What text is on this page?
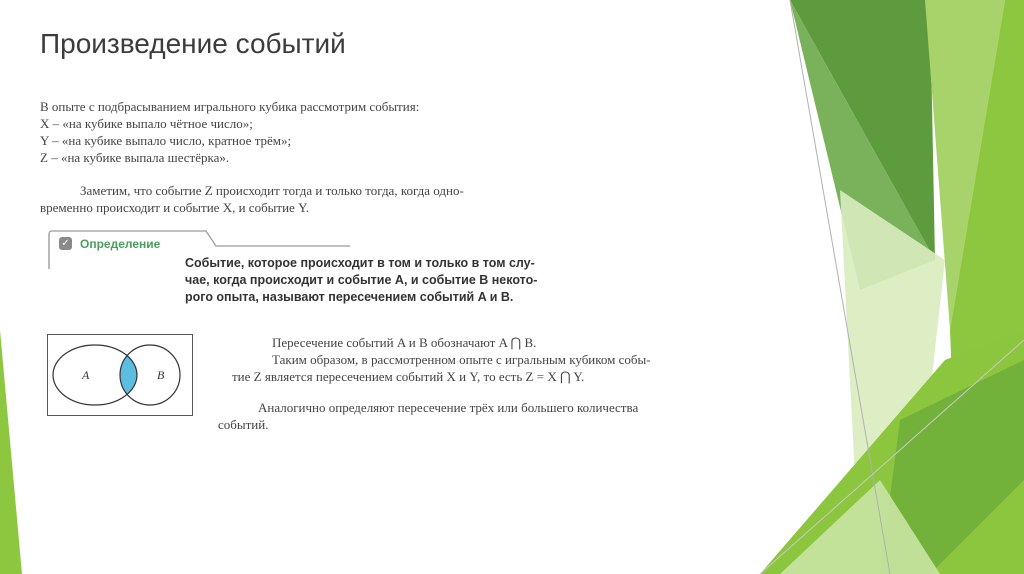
Произведение событий
В опыте с подбрасыванием игрального кубика рассмотрим события:
X – «на кубике выпало чётное число»;
Y – «на кубике выпало число, кратное трём»;
Z – «на кубике выпала шестёрка».
Заметим, что событие Z происходит тогда и только тогда, когда одно-
временно происходит и событие X, и событие Y.
✓ Определение
Событие, которое происходит в том и только в том слу-
чае, когда происходит и событие A, и событие B некото-
рого опыта, называют пересечением событий A и B.
A	B
Пересечение событий A и B обозначают A ⋂ B.
Таким образом, в рассмотренном опыте с игральным кубиком собы-
тие Z является пересечением событий X и Y, то есть Z = X ⋂ Y.
Аналогично определяют пересечение трёх или большего количества
событий.
